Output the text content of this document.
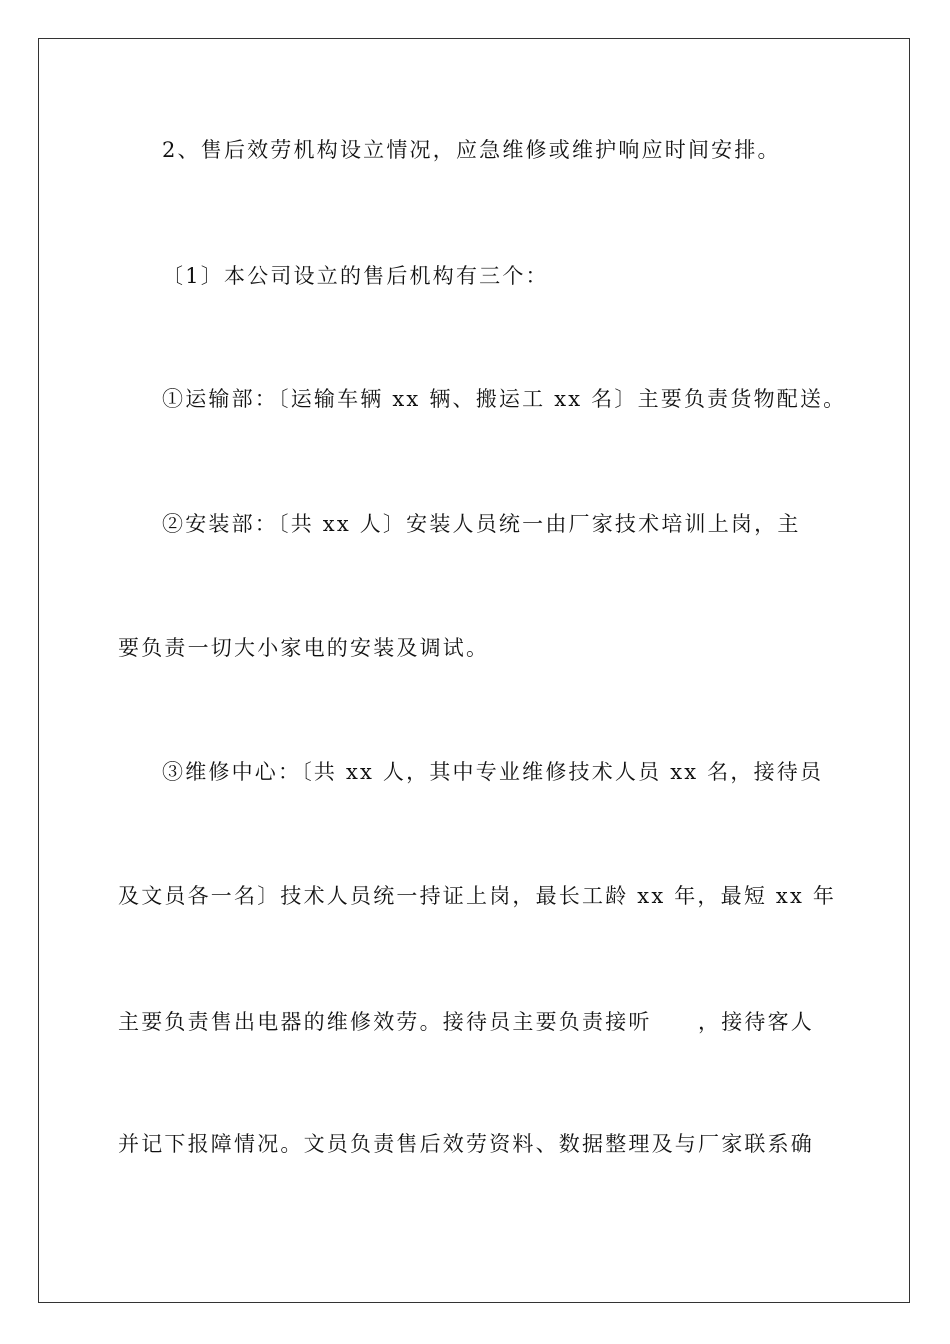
2、售后效劳机构设立情况，应急维修或维护响应时间安排。
〔1〕本公司设立的售后机构有三个：
①运输部：〔运输车辆 xx 辆、搬运工 xx 名〕主要负责货物配送。
②安装部：〔共 xx 人〕安装人员统一由厂家技术培训上岗，主
要负责一切大小家电的安装及调试。
③维修中心：〔共 xx 人，其中专业维修技术人员 xx 名，接待员
及文员各一名〕技术人员统一持证上岗，最长工龄 xx 年，最短 xx 年
主要负责售出电器的维修效劳。接待员主要负责接听　　，接待客人
并记下报障情况。文员负责售后效劳资料、数据整理及与厂家联系确
